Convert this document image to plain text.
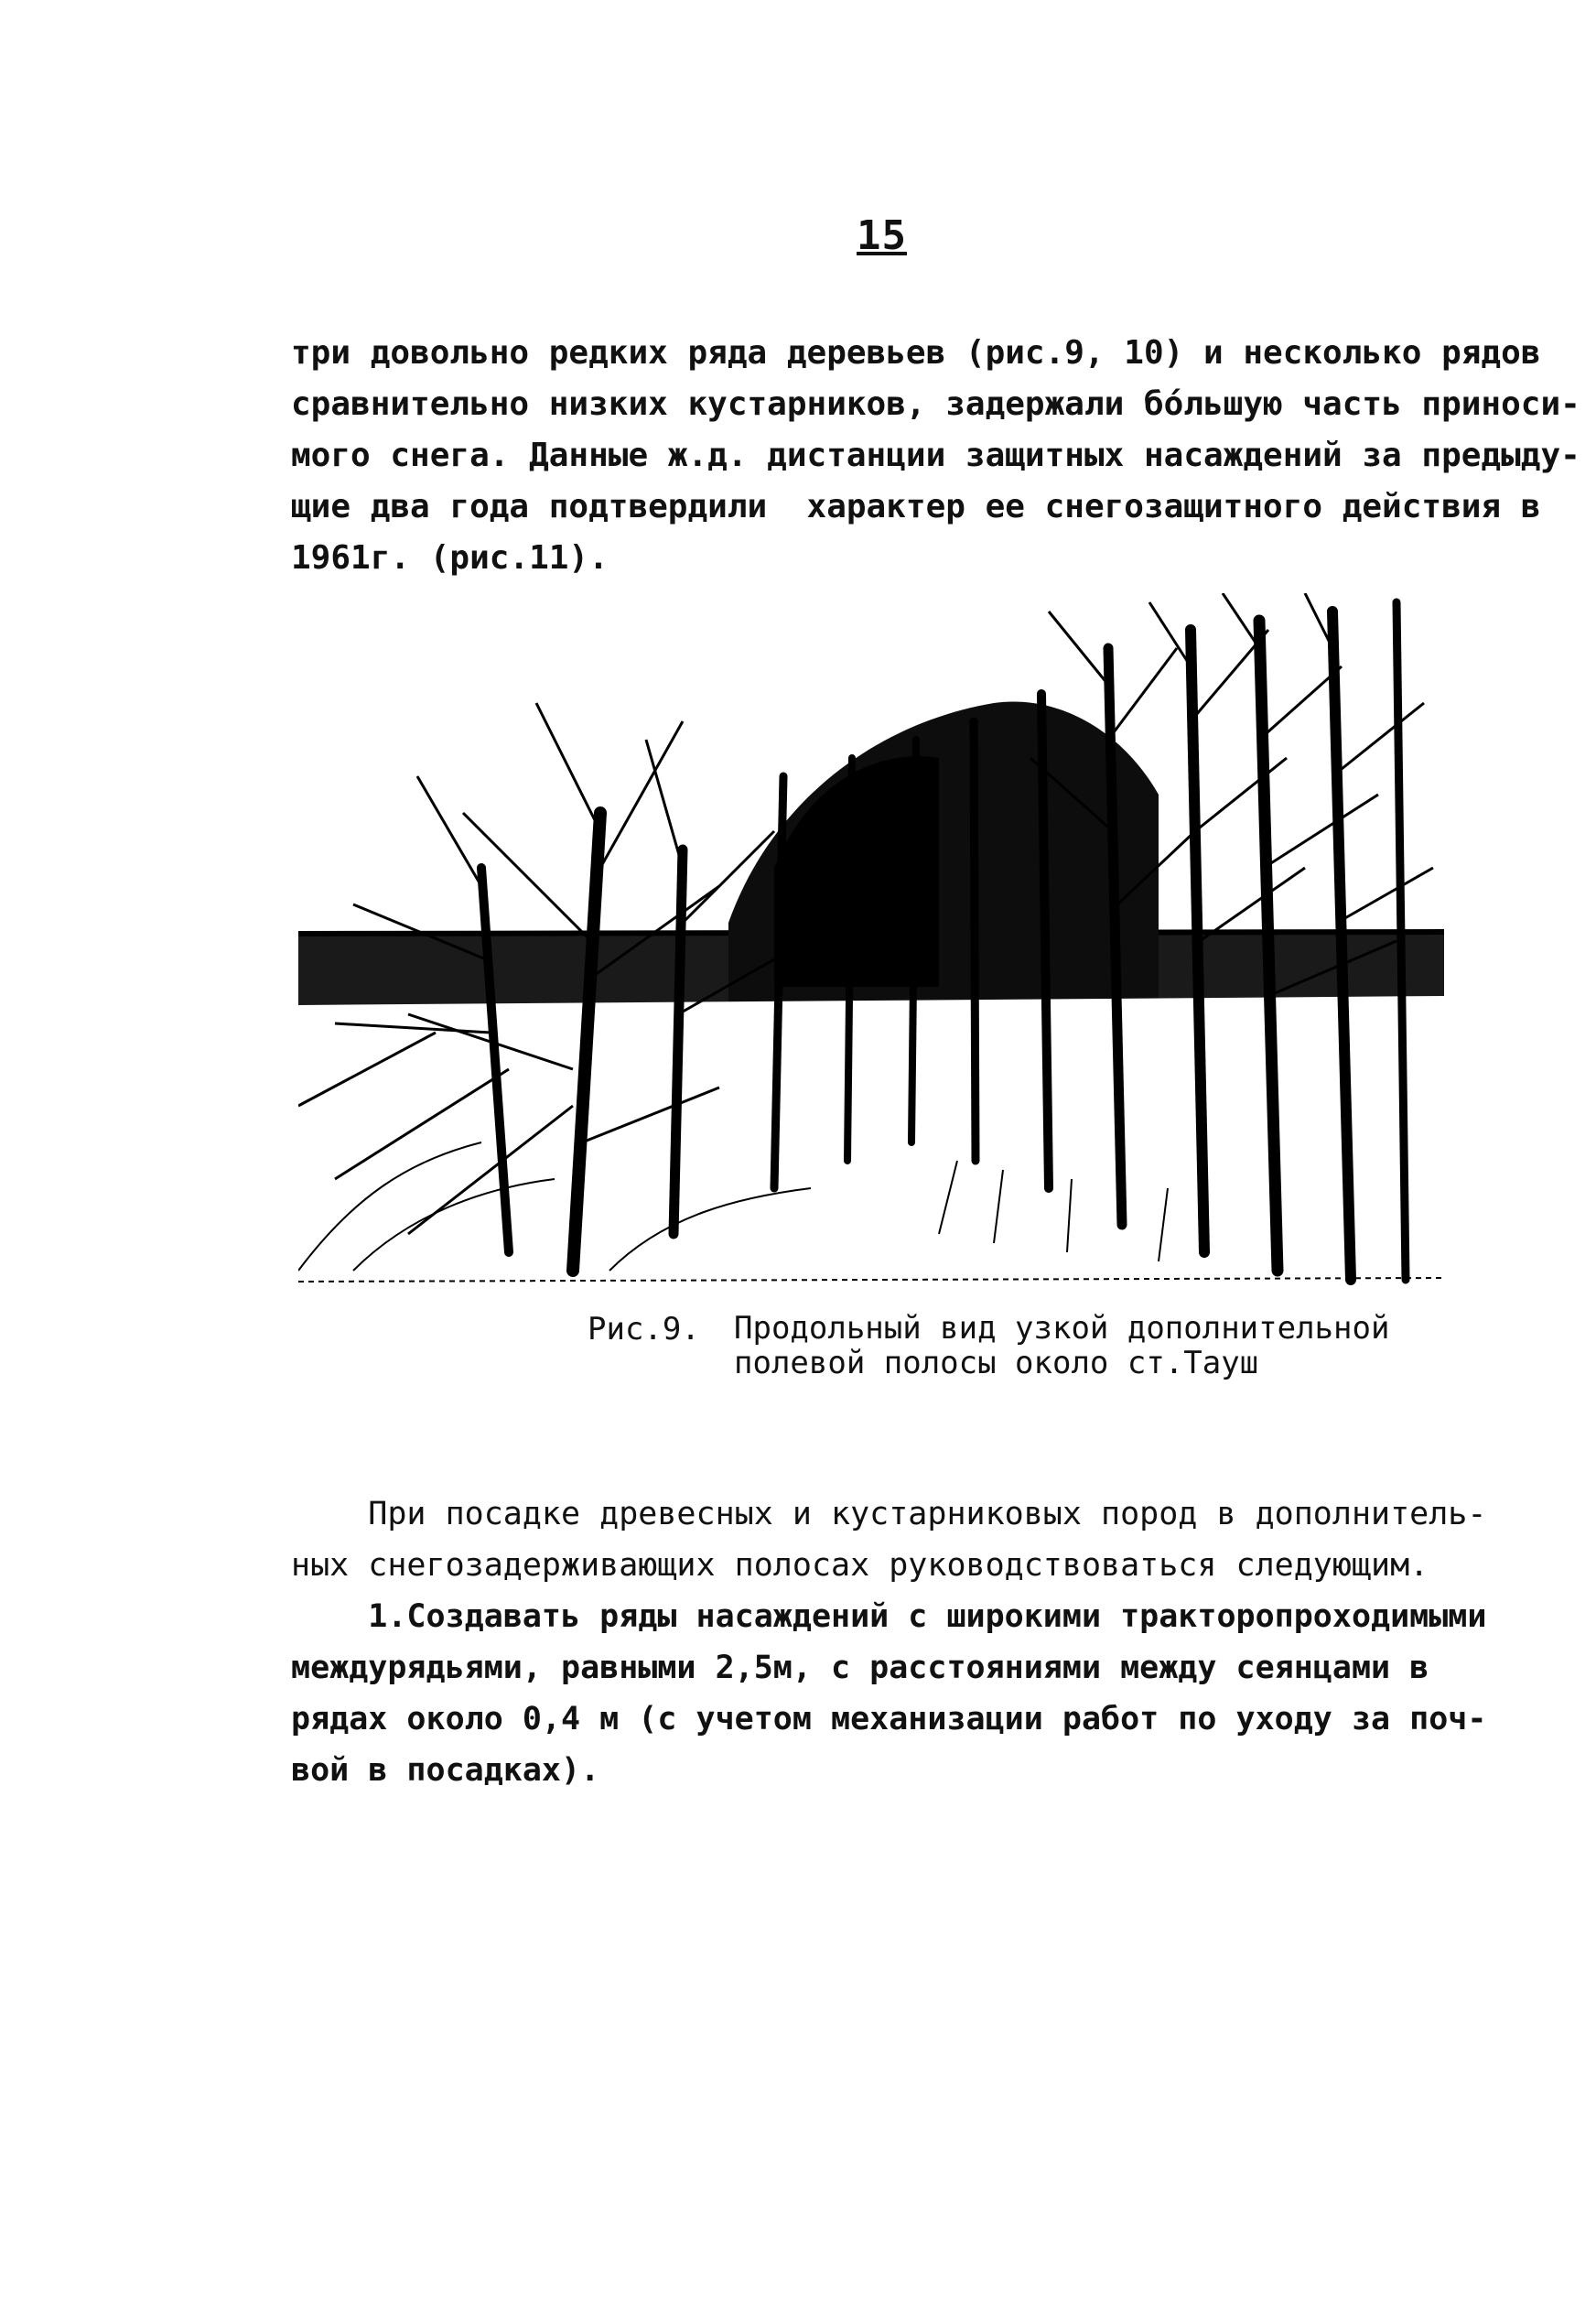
15
три довольно редких ряда деревьев (рис.9, 10) и несколько рядов
сравнительно низких кустарников, задержали бóльшую часть приноси-
мого снега. Данные ж.д. дистанции защитных насаждений за предыду-
щие два года подтвердили  характер ее снегозащитного действия в
1961г. (рис.11).
Рис.9. Продольный вид узкой дополнительной
полевой полосы около ст.Тауш
При посадке древесных и кустарниковых пород в дополнитель-
ных снегозадерживающих полосах руководствоваться следующим.
1.Создавать ряды насаждений с широкими тракторопроходимыми
междурядьями, равными 2,5м, с расстояниями между сеянцами в
рядах около 0,4 м (с учетом механизации работ по уходу за поч-
вой в посадках).
